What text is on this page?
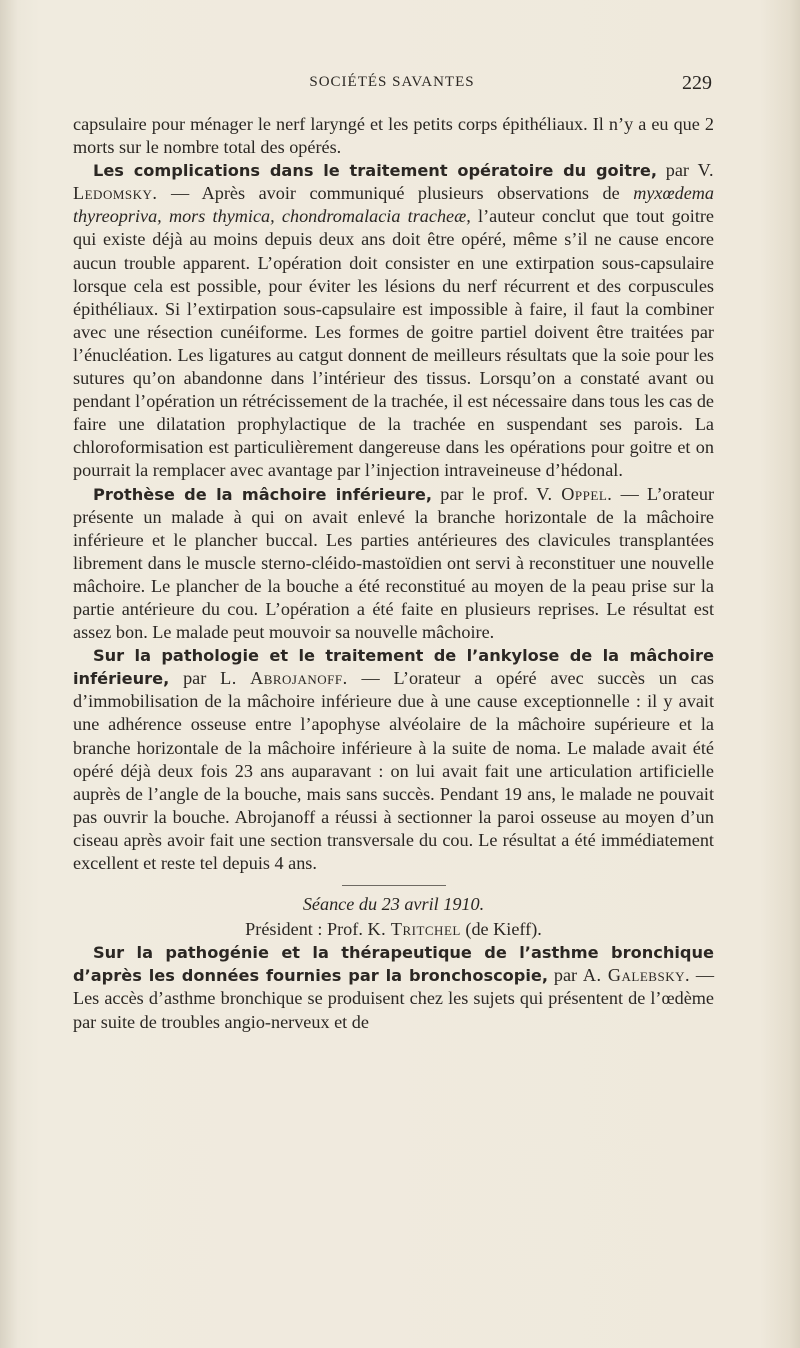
SOCIÉTÉS SAVANTES	229

capsulaire pour ménager le nerf laryngé et les petits corps épithéliaux. Il n’y a eu que 2 morts sur le nombre total des opérés.

Les complications dans le traitement opératoire du goitre, par V. Ledomsky. — Après avoir communiqué plusieurs observations de myxœdema thyreopriva, mors thymica, chondromalacia tracheæ, l’auteur conclut que tout goitre qui existe déjà au moins depuis deux ans doit être opéré, même s’il ne cause encore aucun trouble apparent. L’opération doit consister en une extirpation sous-capsulaire lorsque cela est possible, pour éviter les lésions du nerf récurrent et des corpuscules épithéliaux. Si l’extirpation sous-capsulaire est impossible à faire, il faut la combiner avec une résection cunéiforme. Les formes de goitre partiel doivent être traitées par l’énucléation. Les ligatures au catgut donnent de meilleurs résultats que la soie pour les sutures qu’on abandonne dans l’intérieur des tissus. Lorsqu’on a constaté avant ou pendant l’opération un rétrécissement de la trachée, il est nécessaire dans tous les cas de faire une dilatation prophylactique de la trachée en suspendant ses parois. La chloroformisation est particulièrement dangereuse dans les opérations pour goitre et on pourrait la remplacer avec avantage par l’injection intraveineuse d’hédonal.

Prothèse de la mâchoire inférieure, par le prof. V. Oppel. — L’orateur présente un malade à qui on avait enlevé la branche horizontale de la mâchoire inférieure et le plancher buccal. Les parties antérieures des clavicules transplantées librement dans le muscle sterno-cléido-mastoïdien ont servi à reconstituer une nouvelle mâchoire. Le plancher de la bouche a été reconstitué au moyen de la peau prise sur la partie antérieure du cou. L’opération a été faite en plusieurs reprises. Le résultat est assez bon. Le malade peut mouvoir sa nouvelle mâchoire.

Sur la pathologie et le traitement de l’ankylose de la mâchoire inférieure, par L. Abrojanoff. — L’orateur a opéré avec succès un cas d’immobilisation de la mâchoire inférieure due à une cause exceptionnelle : il y avait une adhérence osseuse entre l’apophyse alvéolaire de la mâchoire supérieure et la branche horizontale de la mâchoire inférieure à la suite de noma. Le malade avait été opéré déjà deux fois 23 ans auparavant : on lui avait fait une articulation artificielle auprès de l’angle de la bouche, mais sans succès. Pendant 19 ans, le malade ne pouvait pas ouvrir la bouche. Abrojanoff a réussi à sectionner la paroi osseuse au moyen d’un ciseau après avoir fait une section transversale du cou. Le résultat a été immédiatement excellent et reste tel depuis 4 ans.

Séance du 23 avril 1910.
Président : Prof. K. Tritchel (de Kieff).

Sur la pathogénie et la thérapeutique de l’asthme bronchique d’après les données fournies par la bronchoscopie, par A. Galebsky. — Les accès d’asthme bronchique se produisent chez les sujets qui présentent de l’œdème par suite de troubles angio-nerveux et de
